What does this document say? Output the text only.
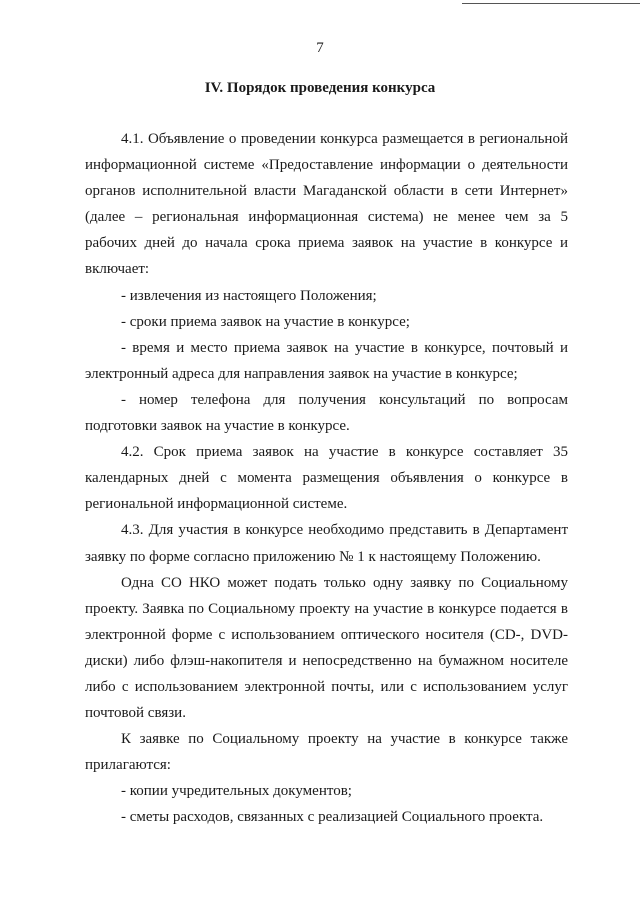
7
IV. Порядок проведения конкурса

4.1. Объявление о проведении конкурса размещается в региональной информационной системе «Предоставление информации о деятельности органов исполнительной власти Магаданской области в сети Интернет» (далее – региональная информационная система) не менее чем за 5 рабочих дней до начала срока приема заявок на участие в конкурсе и включает:

- извлечения из настоящего Положения;

- сроки приема заявок на участие в конкурсе;

- время и место приема заявок на участие в конкурсе, почтовый и электронный адреса для направления заявок на участие в конкурсе;

- номер телефона для получения консультаций по вопросам подготовки заявок на участие в конкурсе.

4.2. Срок приема заявок на участие в конкурсе составляет 35 календарных дней с момента размещения объявления о конкурсе в региональной информационной системе.

4.3. Для участия в конкурсе необходимо представить в Департамент заявку по форме согласно приложению № 1 к настоящему Положению.

Одна СО НКО может подать только одну заявку по Социальному проекту. Заявка по Социальному проекту на участие в конкурсе подается в электронной форме с использованием оптического носителя (CD-, DVD-диски) либо флэш-накопителя и непосредственно на бумажном носителе либо с использованием электронной почты, или с использованием услуг почтовой связи.

К заявке по Социальному проекту на участие в конкурсе также прилагаются:

- копии учредительных документов;

- сметы расходов, связанных с реализацией Социального проекта.
